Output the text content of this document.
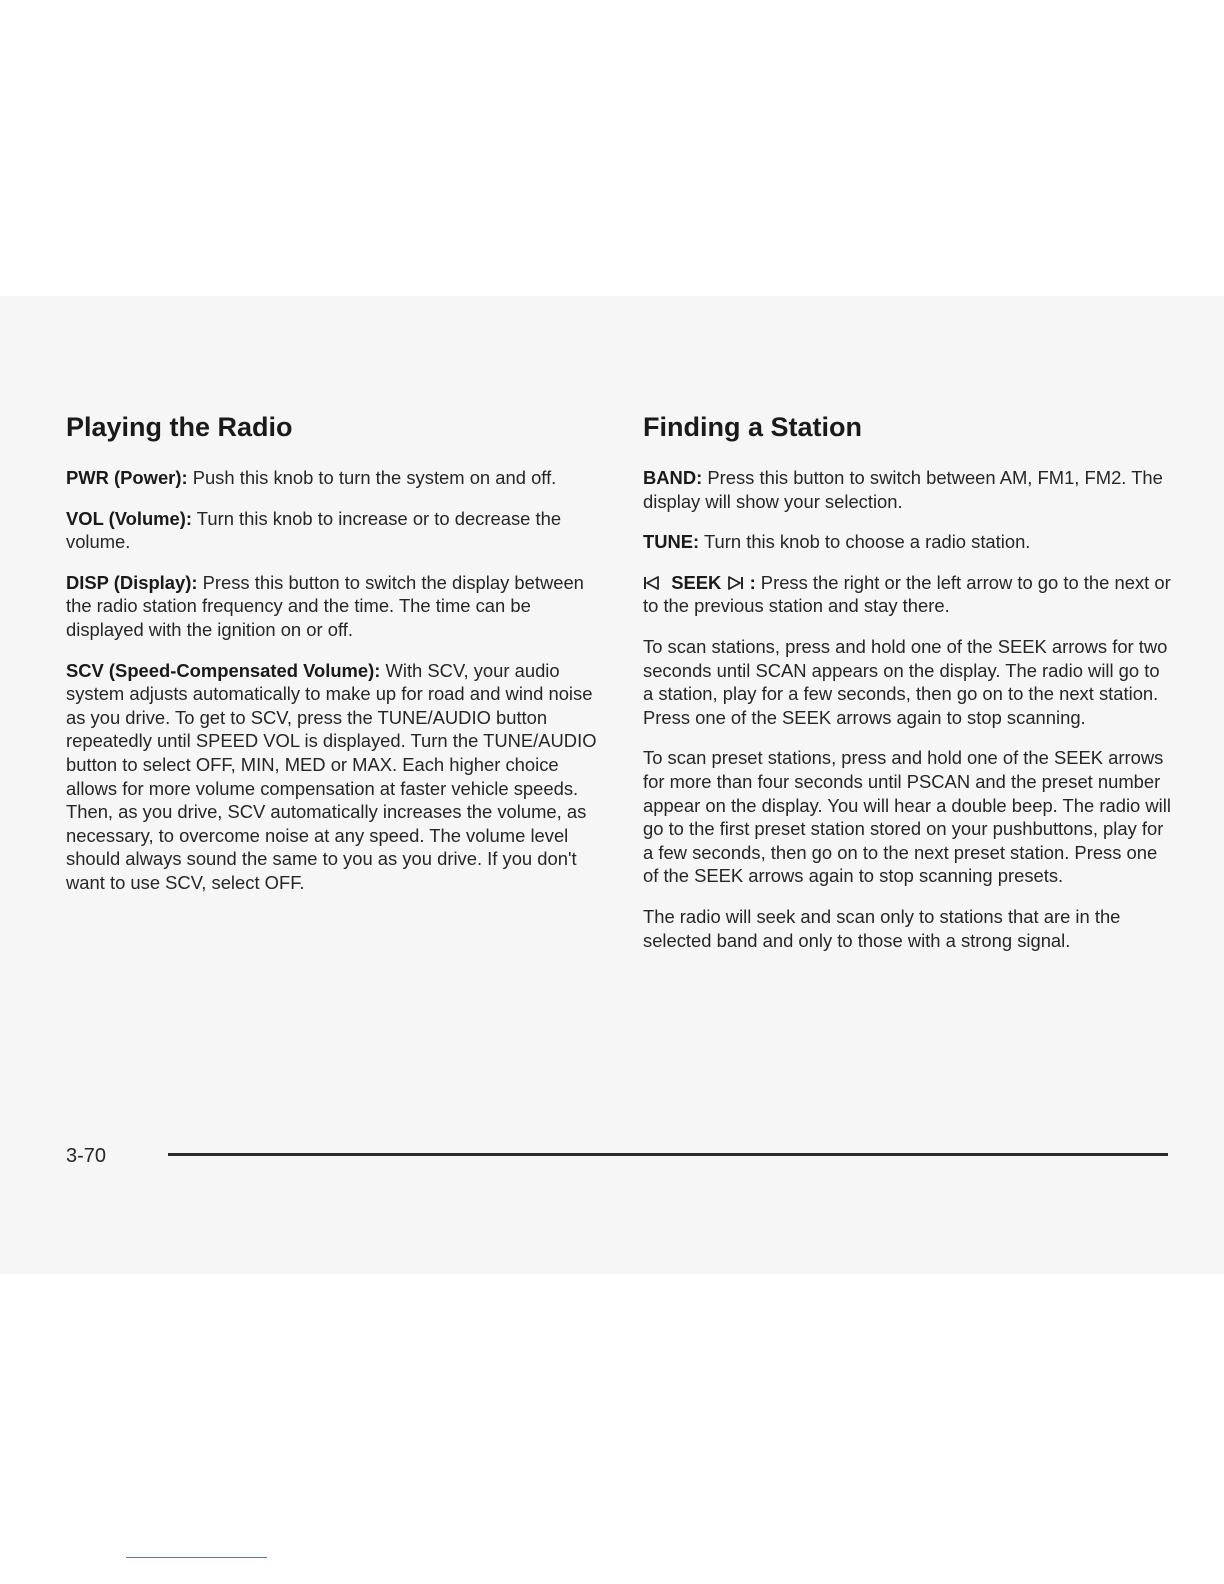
Playing the Radio

PWR (Power): Push this knob to turn the system on and off.

VOL (Volume): Turn this knob to increase or to decrease the volume.

DISP (Display): Press this button to switch the display between the radio station frequency and the time. The time can be displayed with the ignition on or off.

SCV (Speed-Compensated Volume): With SCV, your audio system adjusts automatically to make up for road and wind noise as you drive. To get to SCV, press the TUNE/AUDIO button repeatedly until SPEED VOL is displayed. Turn the TUNE/AUDIO button to select OFF, MIN, MED or MAX. Each higher choice allows for more volume compensation at faster vehicle speeds. Then, as you drive, SCV automatically increases the volume, as necessary, to overcome noise at any speed. The volume level should always sound the same to you as you drive. If you don't want to use SCV, select OFF.

Finding a Station

BAND: Press this button to switch between AM, FM1, FM2. The display will show your selection.

TUNE: Turn this knob to choose a radio station.

SEEK
: Press the right or the left arrow to go to the next or to the previous station and stay there.

To scan stations, press and hold one of the SEEK arrows for two seconds until SCAN appears on the display. The radio will go to a station, play for a few seconds, then go on to the next station. Press one of the SEEK arrows again to stop scanning.

To scan preset stations, press and hold one of the SEEK arrows for more than four seconds until PSCAN and the preset number appear on the display. You will hear a double beep. The radio will go to the first preset station stored on your pushbuttons, play for a few seconds, then go on to the next preset station. Press one of the SEEK arrows again to stop scanning presets.

The radio will seek and scan only to stations that are in the selected band and only to those with a strong signal.

3-70
